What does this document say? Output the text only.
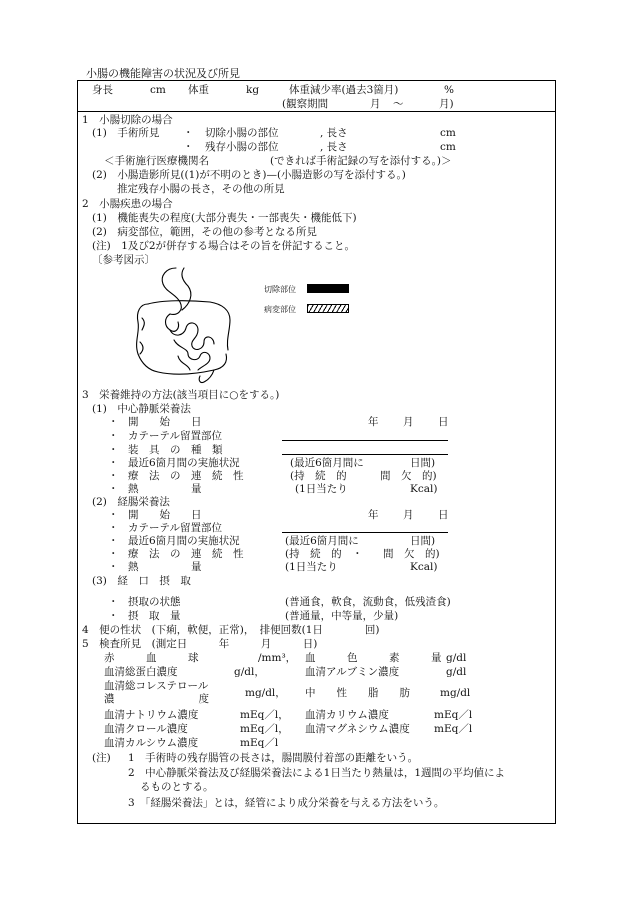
小腸の機能障害の状況及び所見
身長	cm 体重	kg	体重減少率(過去3箇月)	%
(観察期間	月 〜	月)
1　小腸切除の場合
(1)　手術所見 ・ 切除小腸の部位	, 長さ	cm
・ 残存小腸の部位	, 長さ	cm
＜手術施行医療機関名	(できれば手術記録の写を添付する。)＞
(2)　小腸造影所見((1)が不明のとき)—(小腸造影の写を添付する。)
推定残存小腸の長さ，その他の所見
2　小腸疾患の場合
(1)　機能喪失の程度(大部分喪失・一部喪失・機能低下)
(2)　病変部位，範囲，その他の参考となる所見
(注)　1及び2が併存する場合はその旨を併記すること。
〔参考図示〕
切除部位
病変部位
3　栄養維持の方法(該当項目に○をする。)
(1)　中心静脈栄養法
・ 開　　始　　日	年 月 日
・ カテーテル留置部位
・ 装　具　の　種　類
・ 最近6箇月間の実施状況	(最近6箇月間に	日間)
・ 療　法　の　連　続　性	(持　続　的	間　欠　的)
・ 熱　　　　　量	(1日当たり	Kcal)
(2)　経腸栄養法
・ 開　　始　　日	年 月 日
・ カテーテル留置部位
・ 最近6箇月間の実施状況	(最近6箇月間に	日間)
・ 療　法　の　連　続　性	(持　続　的　・ 間　欠　的)
・ 熱　　　　　量	(1日当たり	Kcal)
(3)　経　口　摂　取
・ 摂取の状態	(普通食，軟食，流動食，低残渣食)
・ 摂　取　量	(普通量，中等量，少量)
4　便の性状　(下痢，軟便，正常)，　排便回数(1日　　　　回)
5　検査所見　(測定日　　　年　　　月　　　日)
赤　　　血　　　球	/mm³， 血　　　色　　　素　　　量 g/dl
血清総蛋白濃度	g/dl，	血清アルブミン濃度	g/dl
血清総コレステロール
濃　　　　　　　　度	mg/dl， 中　　性　　脂　　肪	mg/dl
血清ナトリウム濃度	mEq／l， 血清カリウム濃度	mEq／l
血清クロール濃度	mEq／l， 血清マグネシウム濃度 mEq／l
血清カルシウム濃度	mEq／l
(注) 1　手術時の残存腸管の長さは，腸間膜付着部の距離をいう。
2　中心静脈栄養法及び経腸栄養法による1日当たり熱量は，1週間の平均値によ
るものとする。
3　「経腸栄養法」とは，経管により成分栄養を与える方法をいう。
